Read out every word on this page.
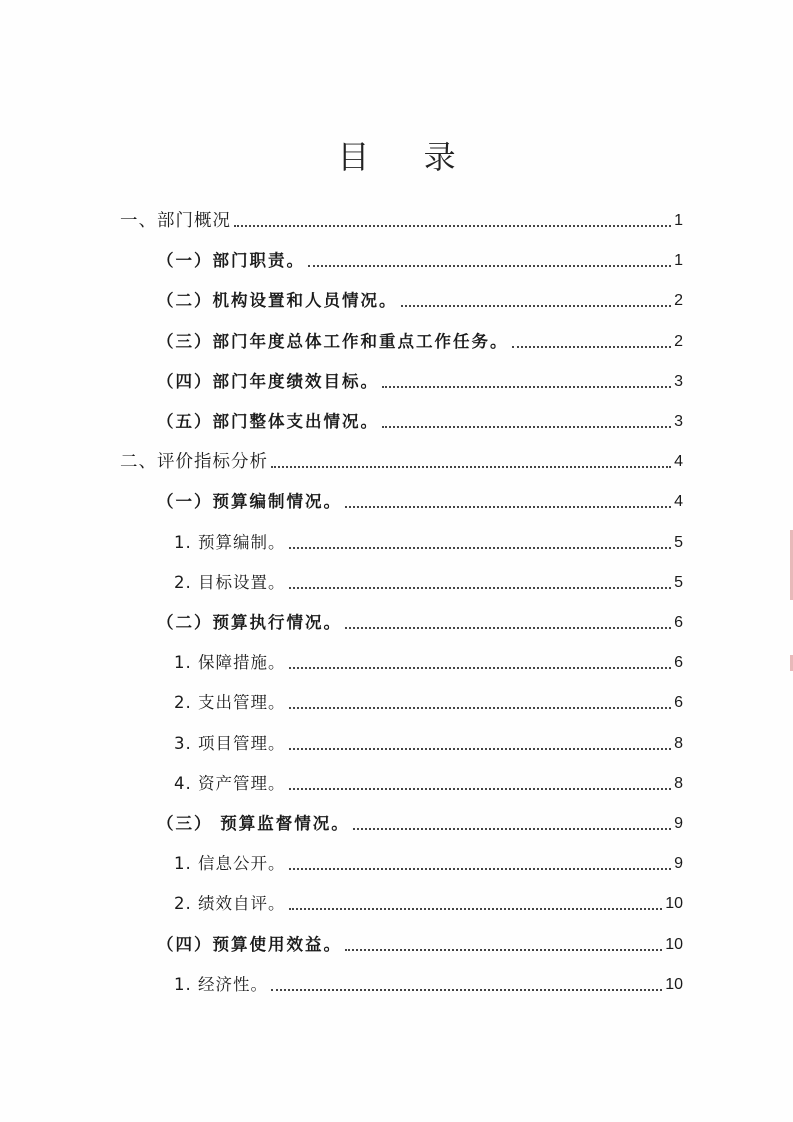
目 录
一、部门概况	1
（一）部门职责。	1
（二）机构设置和人员情况。	2
（三）部门年度总体工作和重点工作任务。	2
（四）部门年度绩效目标。	3
（五）部门整体支出情况。	3
二、评价指标分析	4
（一）预算编制情况。	4
1. 预算编制。	5
2. 目标设置。	5
（二）预算执行情况。	6
1. 保障措施。	6
2. 支出管理。	6
3. 项目管理。	8
4. 资产管理。	8
（三） 预算监督情况。	9
1. 信息公开。	9
2. 绩效自评。	10
（四）预算使用效益。	10
1. 经济性。	10
